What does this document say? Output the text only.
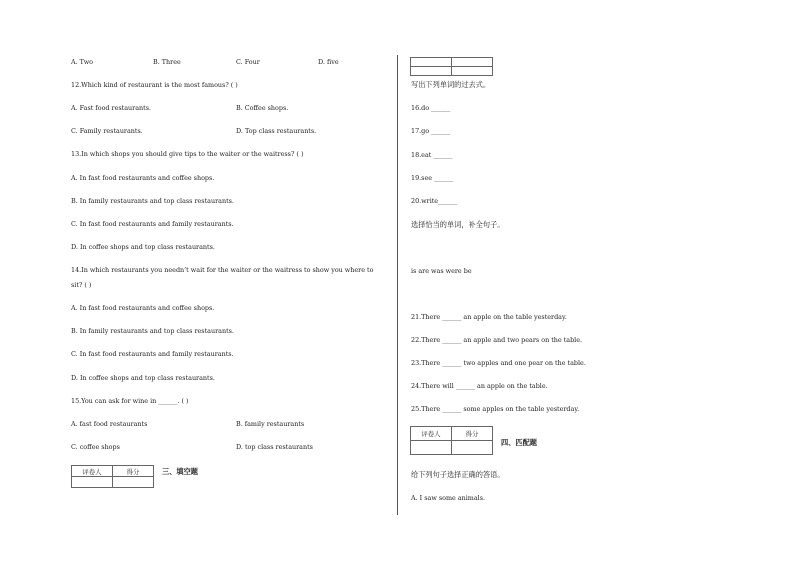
A. Two	B. Three	C. Four	D. five
12.Which kind of restaurant is the most famous? ( )
A. Fast food restaurants.	B. Coffee shops.
C. Family restaurants.	D. Top class restaurants.
13.In which shops you should give tips to the waiter or the waitress? ( )
A. In fast food restaurants and coffee shops.
B. In family restaurants and top class restaurants.
C. In fast food restaurants and family restaurants.
D. In coffee shops and top class restaurants.
14.In which restaurants you needn’t wait for the waiter or the waitress to show you where to
sit? ( )
A. In fast food restaurants and coffee shops.
B. In family restaurants and top class restaurants.
C. In fast food restaurants and family restaurants.
D. In coffee shops and top class restaurants.
15.You can ask for wine in ______. ( )
A. fast food restaurants	B. family restaurants
C. coffee shops	D. top class restaurants
评卷人	得分
		三、填空题

写出下列单词的过去式。
16.do ______
17.go ______
18.eat ______
19.see ______
20.write______
选择恰当的单词，补全句子。
is are was were be
21.There ______ an apple on the table yesterday.
22.There ______ an apple and two pears on the table.
23.There ______ two apples and one pear on the table.
24.There will ______ an apple on the table.
25.There ______ some apples on the table yesterday.
评卷人	得分

四、匹配题
给下列句子选择正确的答语。
A. I saw some animals.
